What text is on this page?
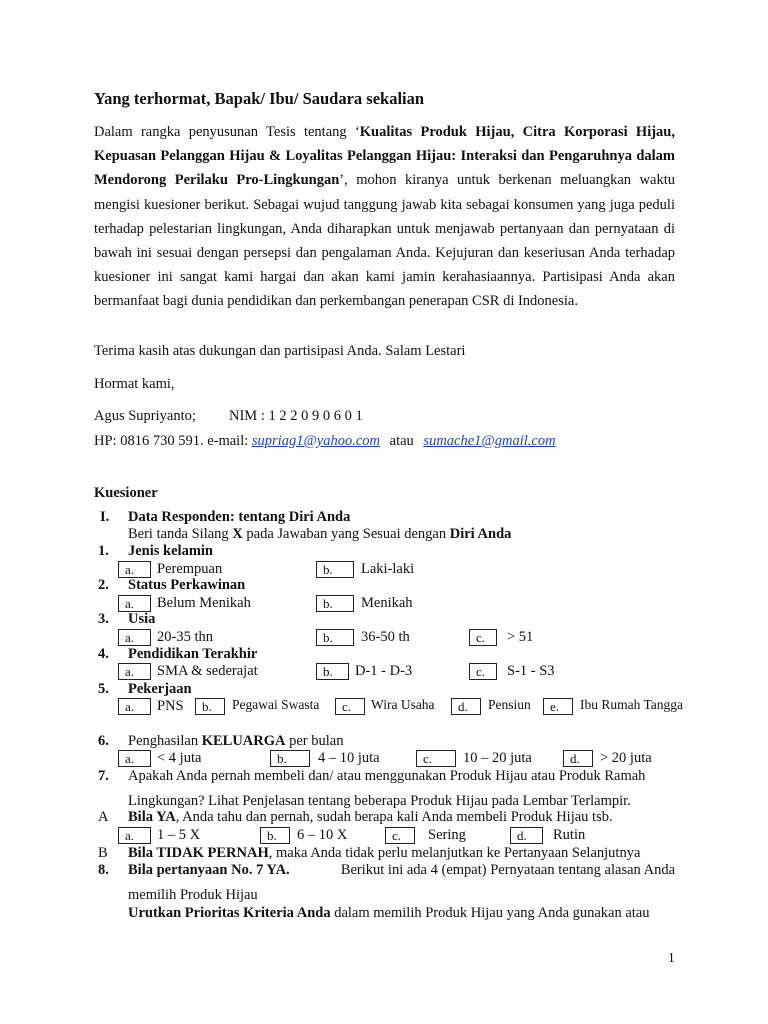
Yang terhormat, Bapak/ Ibu/ Saudara sekalian
Dalam rangka penyusunan Tesis tentang ‘Kualitas Produk Hijau, Citra Korporasi Hijau, Kepuasan Pelanggan Hijau & Loyalitas Pelanggan Hijau: Interaksi dan Pengaruhnya dalam Mendorong Perilaku Pro-Lingkungan’, mohon kiranya untuk berkenan meluangkan waktu mengisi kuesioner berikut. Sebagai wujud tanggung jawab kita sebagai konsumen yang juga peduli terhadap pelestarian lingkungan, Anda diharapkan untuk menjawab pertanyaan dan pernyataan di bawah ini sesuai dengan persepsi dan pengalaman Anda. Kejujuran dan keseriusan Anda terhadap kuesioner ini sangat kami hargai dan akan kami jamin kerahasiaannya. Partisipasi Anda akan bermanfaat bagi dunia pendidikan dan perkembangan penerapan CSR di Indonesia.
Terima kasih atas dukungan dan partisipasi Anda. Salam Lestari
Hormat kami,
Agus Supriyanto; NIM : 1 2 2 0 9 0 6 0 1
HP: 0816 730 591. e-mail: supriag1@yahoo.com atau sumache1@gmail.com
Kuesioner
I. Data Responden: tentang Diri Anda
Beri tanda Silang X pada Jawaban yang Sesuai dengan Diri Anda
1. Jenis kelamin
a.	Perempuan	b.	Laki-laki
2. Status Perkawinan
a.	Belum Menikah	b.	Menikah
3. Usia
a.	20-35 thn	b.	36-50 th	c.	> 51
4. Pendidikan Terakhir
a.	SMA & sederajat	b.	D-1 - D-3	c.	S-1 - S3
5. Pekerjaan
a.	PNS	b.	Pegawai Swasta	c.	Wira Usaha	d.	Pensiun	e.	Ibu Rumah Tangga
6. Penghasilan KELUARGA per bulan
a.	< 4 juta	b.	4 – 10 juta	c.	10 – 20 juta	d.	> 20 juta
7. Apakah Anda pernah membeli dan/ atau menggunakan Produk Hijau atau Produk Ramah
Lingkungan? Lihat Penjelasan tentang beberapa Produk Hijau pada Lembar Terlampir.
A Bila YA, Anda tahu dan pernah, sudah berapa kali Anda membeli Produk Hijau tsb.
a.	1 – 5 X	b.	6 – 10 X	c.	Sering	d.	Rutin
B Bila TIDAK PERNAH, maka Anda tidak perlu melanjutkan ke Pertanyaan Selanjutnya
8. Bila pertanyaan No. 7 YA.	Berikut ini ada 4 (empat) Pernyataan tentang alasan Anda
memilih Produk Hijau
Urutkan Prioritas Kriteria Anda dalam memilih Produk Hijau yang Anda gunakan atau
1
